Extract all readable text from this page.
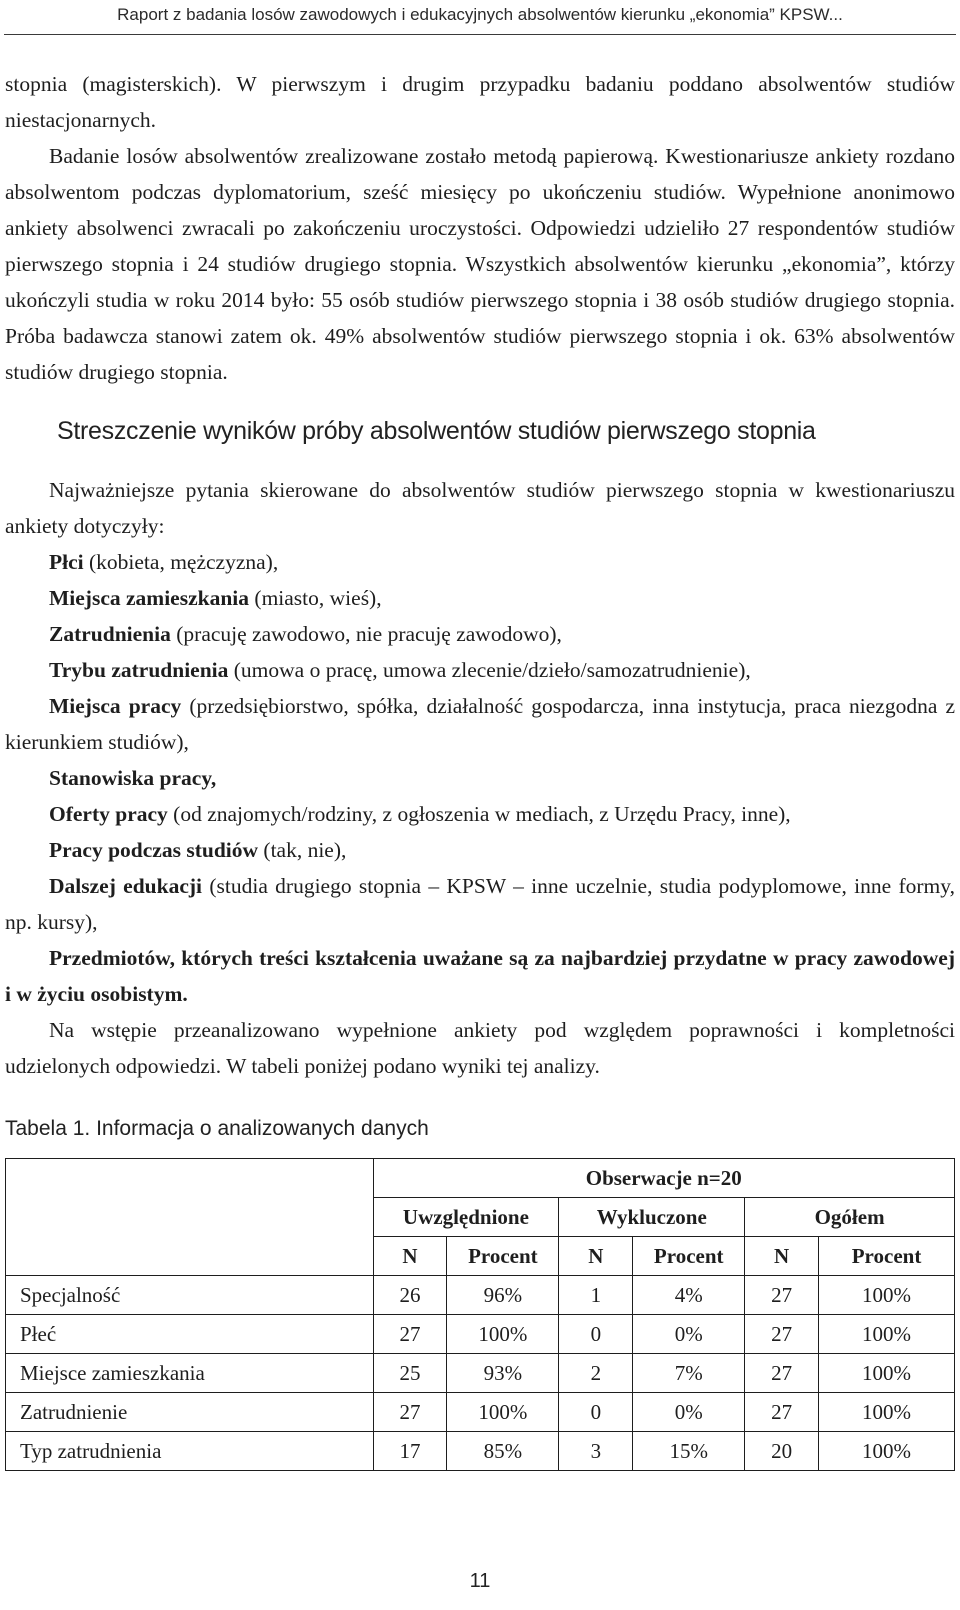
Raport z badania losów zawodowych i edukacyjnych absolwentów kierunku „ekonomia” KPSW...

stopnia (magisterskich). W pierwszym i drugim przypadku badaniu poddano absolwentów studiów niestacjonarnych.

Badanie losów absolwentów zrealizowane zostało metodą papierową. Kwestionariusze ankiety rozdano absolwentom podczas dyplomatorium, sześć miesięcy po ukończeniu studiów. Wypełnione anonimowo ankiety absolwenci zwracali po zakończeniu uroczystości. Odpowiedzi udzieliło 27 respondentów studiów pierwszego stopnia i 24 studiów drugiego stopnia. Wszystkich absolwentów kierunku „ekonomia”, którzy ukończyli studia w roku 2014 było: 55 osób studiów pierwszego stopnia i 38 osób studiów drugiego stopnia. Próba badawcza stanowi zatem ok. 49% absolwentów studiów pierwszego stopnia i ok. 63% absolwentów studiów drugiego stopnia.

Streszczenie wyników próby absolwentów studiów pierwszego stopnia

Najważniejsze pytania skierowane do absolwentów studiów pierwszego stopnia w kwestionariuszu ankiety dotyczyły:

Płci (kobieta, mężczyzna),

Miejsca zamieszkania (miasto, wieś),

Zatrudnienia (pracuję zawodowo, nie pracuję zawodowo),

Trybu zatrudnienia (umowa o pracę, umowa zlecenie/dzieło/samozatrudnienie),

Miejsca pracy (przedsiębiorstwo, spółka, działalność gospodarcza, inna instytucja, praca niezgodna z kierunkiem studiów),

Stanowiska pracy,

Oferty pracy (od znajomych/rodziny, z ogłoszenia w mediach, z Urzędu Pracy, inne),

Pracy podczas studiów (tak, nie),

Dalszej edukacji (studia drugiego stopnia – KPSW – inne uczelnie, studia podyplomowe, inne formy, np. kursy),

Przedmiotów, których treści kształcenia uważane są za najbardziej przydatne w pracy zawodowej i w życiu osobistym.

Na wstępie przeanalizowano wypełnione ankiety pod względem poprawności i kompletności udzielonych odpowiedzi. W tabeli poniżej podano wyniki tej analizy.

Tabela 1. Informacja o analizowanych danych
	Obserwacje n=20					
	Uwzględnione		Wykluczone		Ogółem	
	N	Procent	N	Procent	N	Procent
Specjalność	26	96%	1	4%	27	100%
Płeć	27	100%	0	0%	27	100%
Miejsce zamieszkania	25	93%	2	7%	27	100%
Zatrudnienie	27	100%	0	0%	27	100%
Typ zatrudnienia	17	85%	3	15%	20	100%
11
